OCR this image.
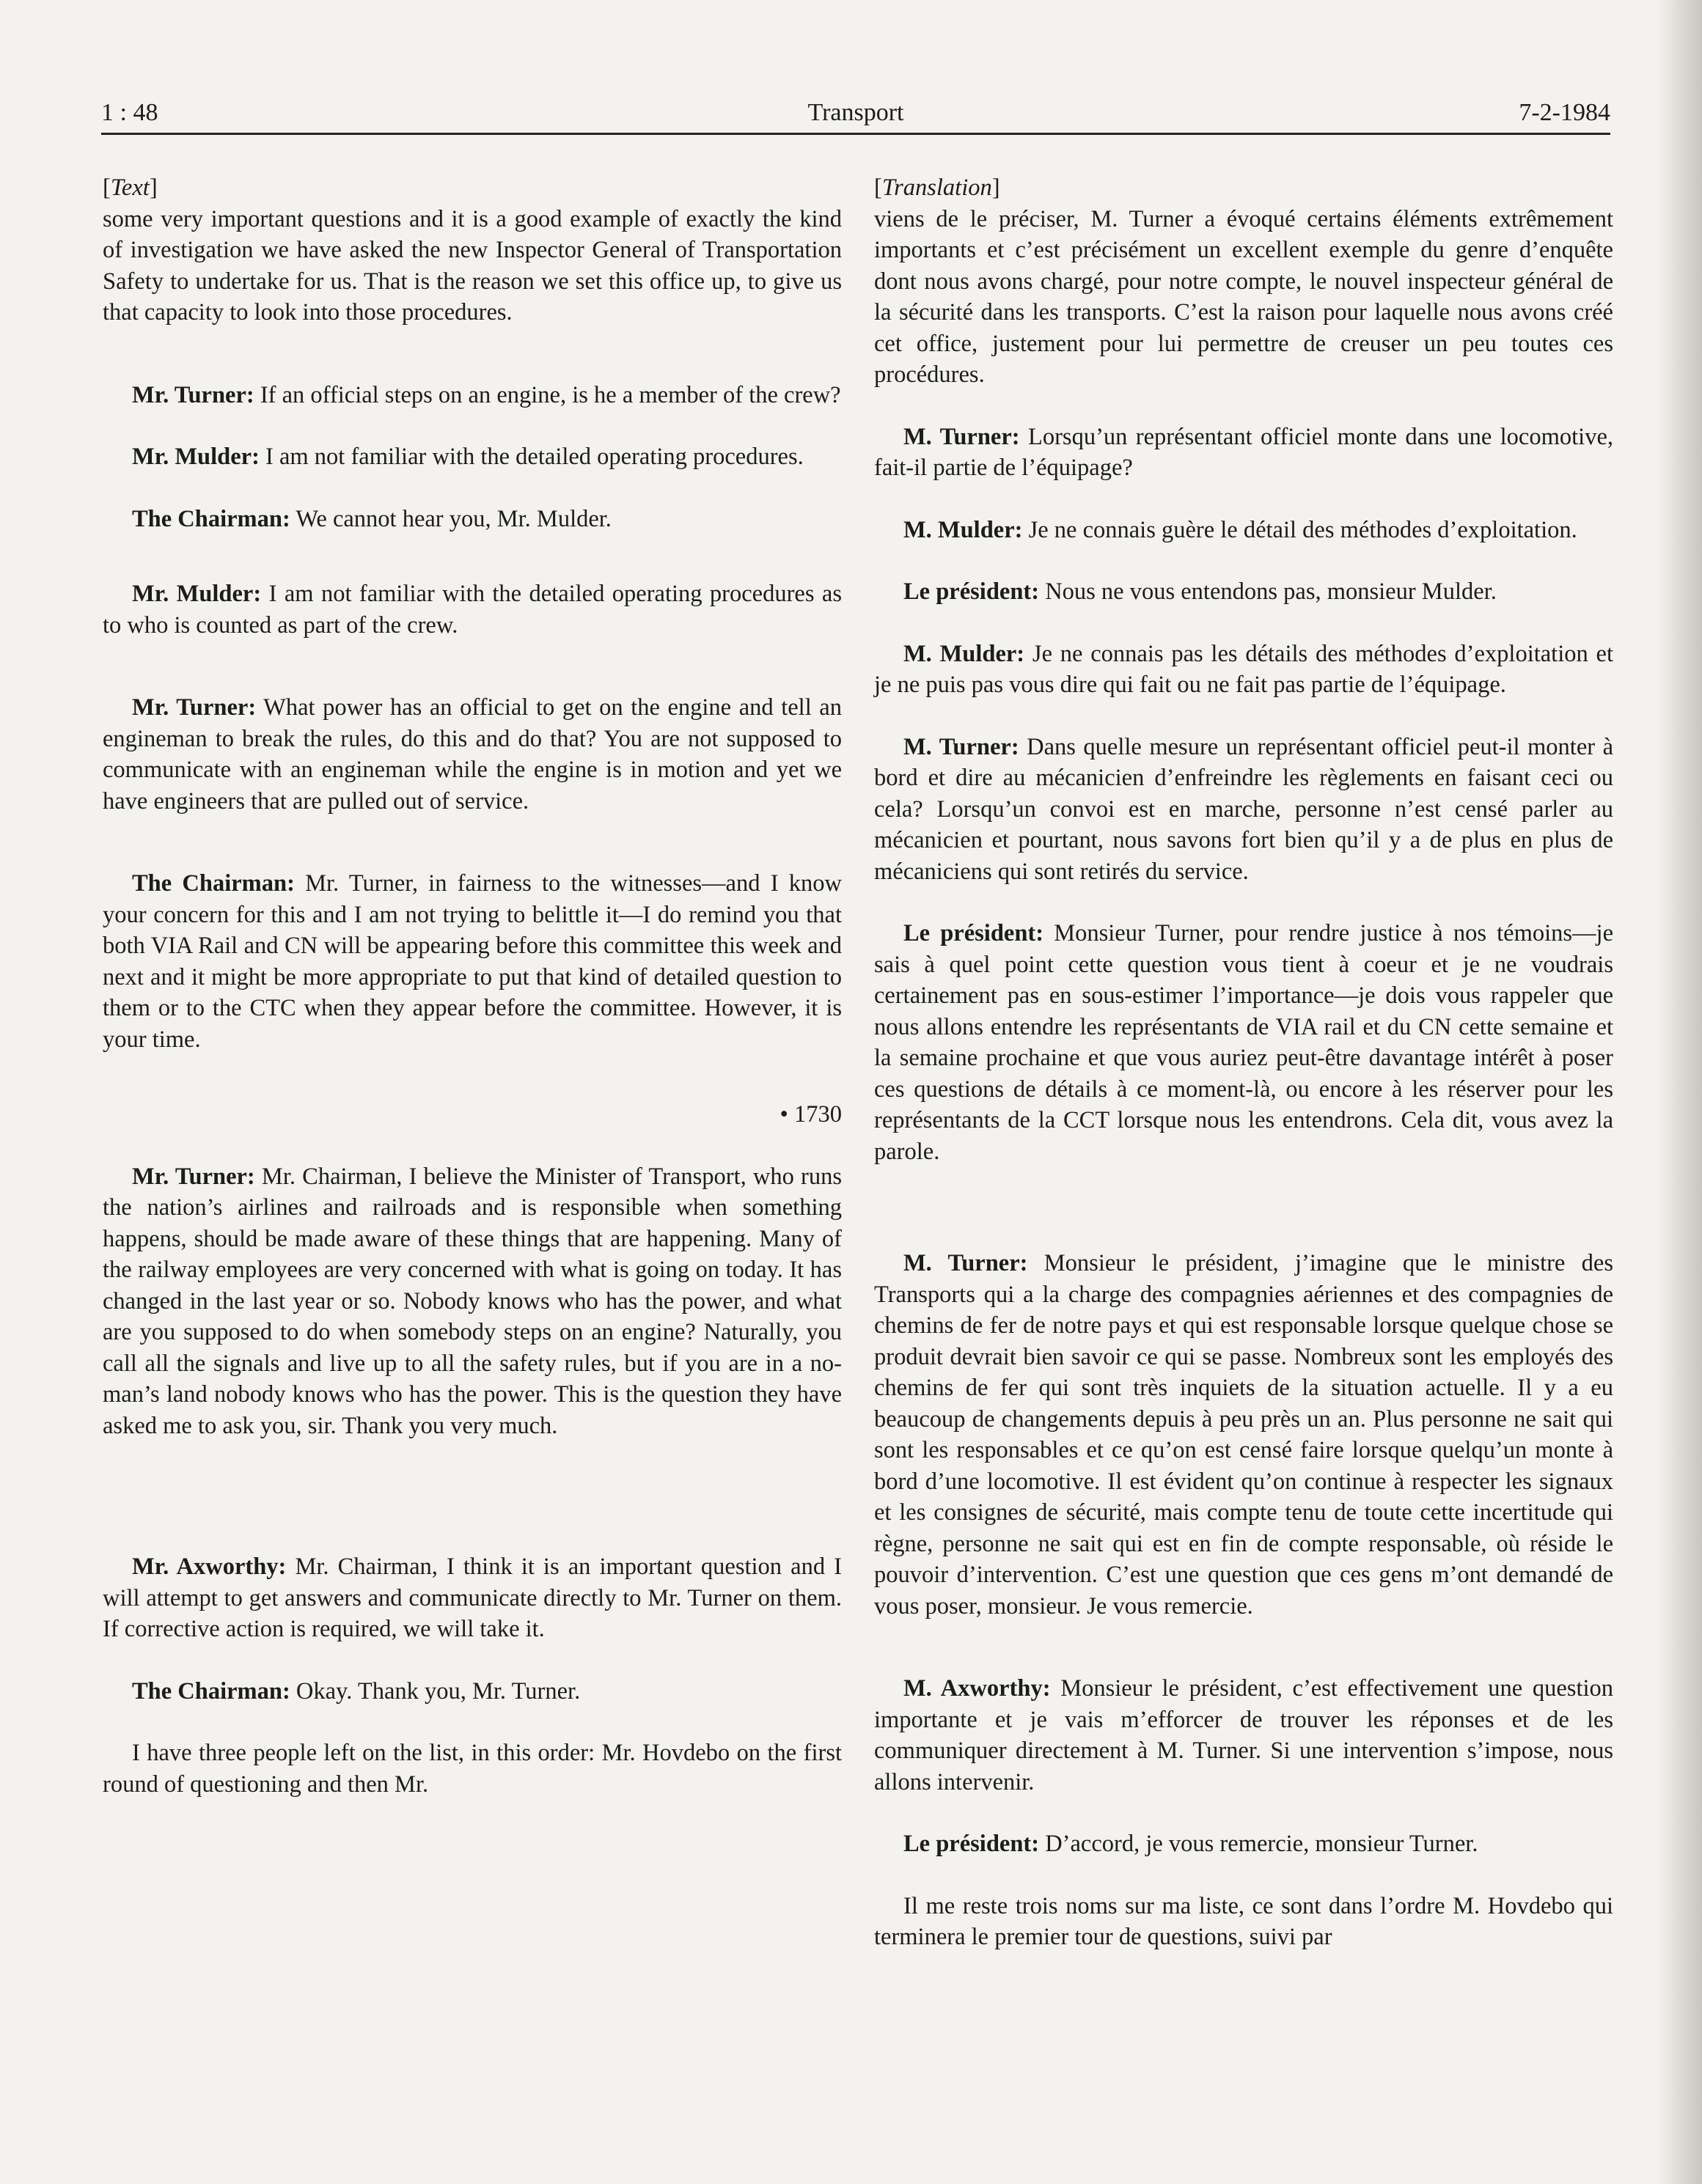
1 : 48	Transport	7-2-1984

[Text]

some very important questions and it is a good example of exactly the kind of investigation we have asked the new Inspector General of Transportation Safety to undertake for us. That is the reason we set this office up, to give us that capacity to look into those procedures.

Mr. Turner: If an official steps on an engine, is he a member of the crew?

Mr. Mulder: I am not familiar with the detailed operating procedures.

The Chairman: We cannot hear you, Mr. Mulder.

Mr. Mulder: I am not familiar with the detailed operating procedures as to who is counted as part of the crew.

Mr. Turner: What power has an official to get on the engine and tell an engineman to break the rules, do this and do that? You are not supposed to communicate with an engineman while the engine is in motion and yet we have engineers that are pulled out of service.

The Chairman: Mr. Turner, in fairness to the witnesses—and I know your concern for this and I am not trying to belittle it—I do remind you that both VIA Rail and CN will be appearing before this committee this week and next and it might be more appropriate to put that kind of detailed question to them or to the CTC when they appear before the committee. However, it is your time.

• 1730

Mr. Turner: Mr. Chairman, I believe the Minister of Transport, who runs the nation’s airlines and railroads and is responsible when something happens, should be made aware of these things that are happening. Many of the railway employees are very concerned with what is going on today. It has changed in the last year or so. Nobody knows who has the power, and what are you supposed to do when somebody steps on an engine? Naturally, you call all the signals and live up to all the safety rules, but if you are in a no-man’s land nobody knows who has the power. This is the question they have asked me to ask you, sir. Thank you very much.

Mr. Axworthy: Mr. Chairman, I think it is an important question and I will attempt to get answers and communicate directly to Mr. Turner on them. If corrective action is required, we will take it.

The Chairman: Okay. Thank you, Mr. Turner.

I have three people left on the list, in this order: Mr. Hovdebo on the first round of questioning and then Mr.

[Translation]

viens de le préciser, M. Turner a évoqué certains éléments extrêmement importants et c’est précisément un excellent exemple du genre d’enquête dont nous avons chargé, pour notre compte, le nouvel inspecteur général de la sécurité dans les transports. C’est la raison pour laquelle nous avons créé cet office, justement pour lui permettre de creuser un peu toutes ces procédures.

M. Turner: Lorsqu’un représentant officiel monte dans une locomotive, fait-il partie de l’équipage?

M. Mulder: Je ne connais guère le détail des méthodes d’exploitation.

Le président: Nous ne vous entendons pas, monsieur Mulder.

M. Mulder: Je ne connais pas les détails des méthodes d’exploitation et je ne puis pas vous dire qui fait ou ne fait pas partie de l’équipage.

M. Turner: Dans quelle mesure un représentant officiel peut-il monter à bord et dire au mécanicien d’enfreindre les règlements en faisant ceci ou cela? Lorsqu’un convoi est en marche, personne n’est censé parler au mécanicien et pourtant, nous savons fort bien qu’il y a de plus en plus de mécaniciens qui sont retirés du service.

Le président: Monsieur Turner, pour rendre justice à nos témoins—je sais à quel point cette question vous tient à coeur et je ne voudrais certainement pas en sous-estimer l’importance—je dois vous rappeler que nous allons entendre les représentants de VIA rail et du CN cette semaine et la semaine prochaine et que vous auriez peut-être davantage intérêt à poser ces questions de détails à ce moment-là, ou encore à les réserver pour les représentants de la CCT lorsque nous les entendrons. Cela dit, vous avez la parole.

M. Turner: Monsieur le président, j’imagine que le ministre des Transports qui a la charge des compagnies aériennes et des compagnies de chemins de fer de notre pays et qui est responsable lorsque quelque chose se produit devrait bien savoir ce qui se passe. Nombreux sont les employés des chemins de fer qui sont très inquiets de la situation actuelle. Il y a eu beaucoup de changements depuis à peu près un an. Plus personne ne sait qui sont les responsables et ce qu’on est censé faire lorsque quelqu’un monte à bord d’une locomotive. Il est évident qu’on continue à respecter les signaux et les consignes de sécurité, mais compte tenu de toute cette incertitude qui règne, personne ne sait qui est en fin de compte responsable, où réside le pouvoir d’intervention. C’est une question que ces gens m’ont demandé de vous poser, monsieur. Je vous remercie.

M. Axworthy: Monsieur le président, c’est effectivement une question importante et je vais m’efforcer de trouver les réponses et de les communiquer directement à M. Turner. Si une intervention s’impose, nous allons intervenir.

Le président: D’accord, je vous remercie, monsieur Turner.

Il me reste trois noms sur ma liste, ce sont dans l’ordre M. Hovdebo qui terminera le premier tour de questions, suivi par
